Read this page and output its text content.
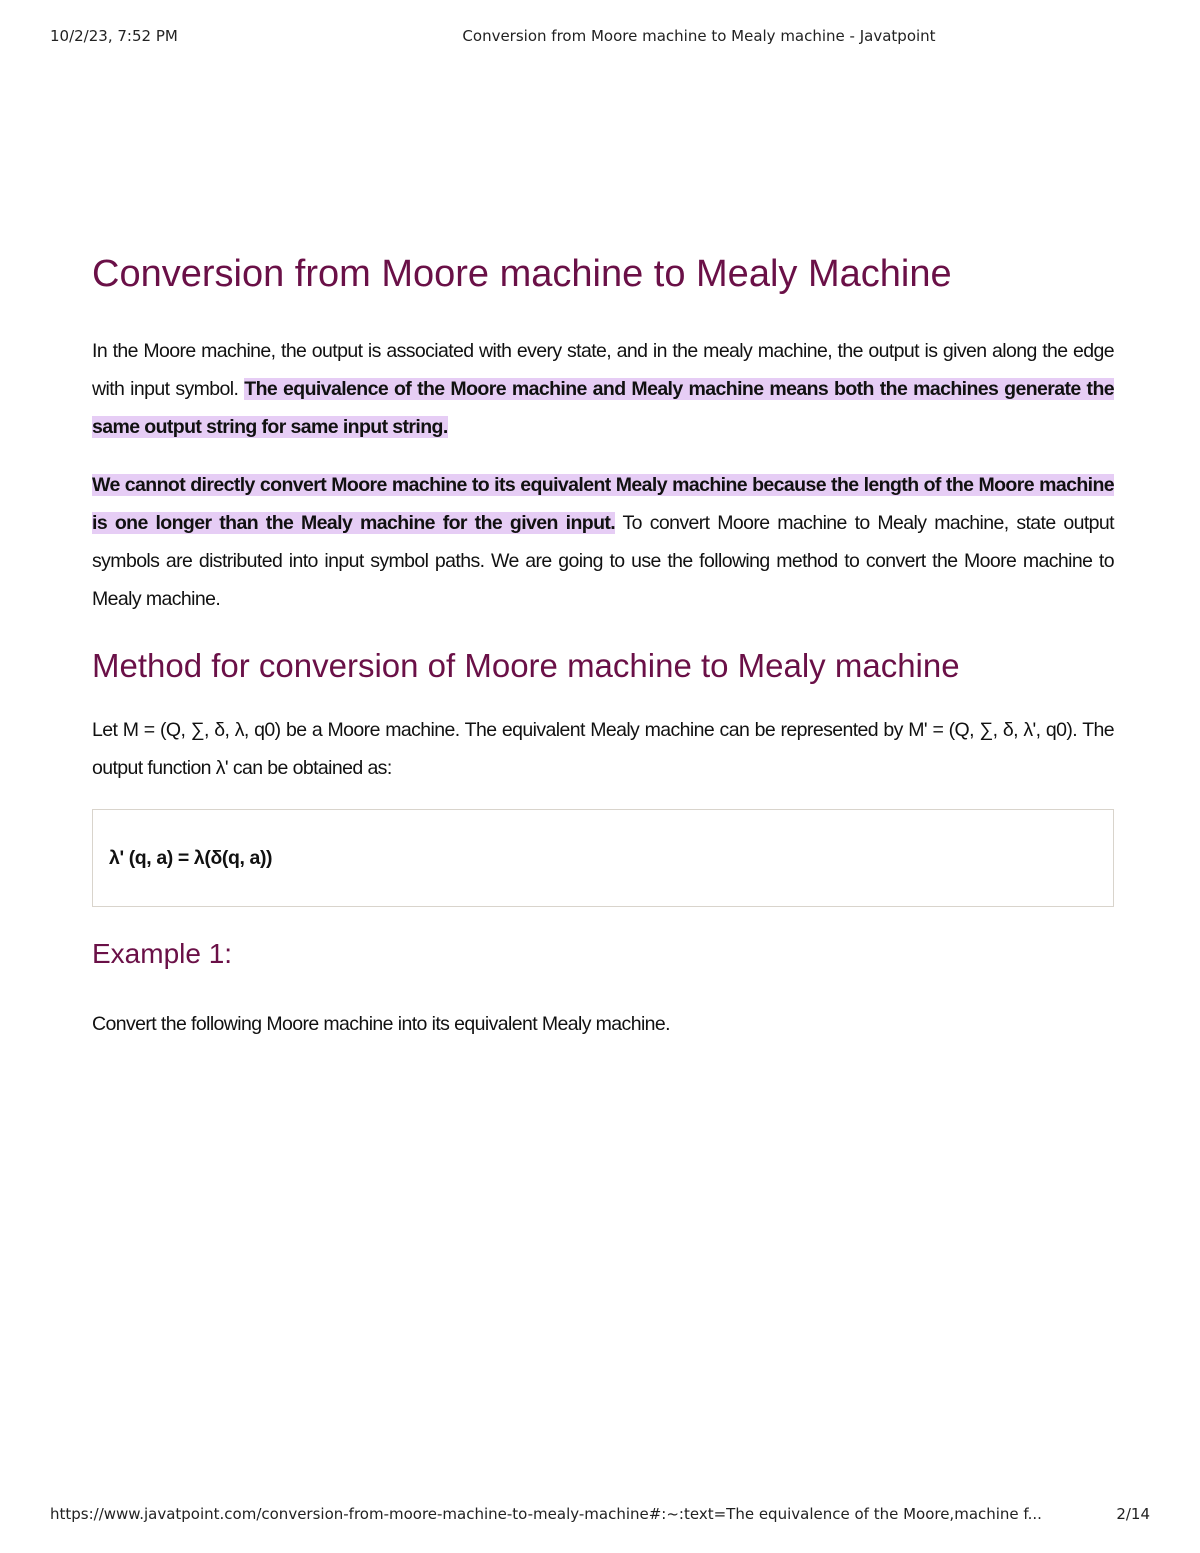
10/2/23, 7:52 PM	Conversion from Moore machine to Mealy machine - Javatpoint
Conversion from Moore machine to Mealy Machine

In the Moore machine, the output is associated with every state, and in the mealy machine, the output is given along the edge with input symbol. The equivalence of the Moore machine and Mealy machine means both the machines generate the same output string for same input string.

We cannot directly convert Moore machine to its equivalent Mealy machine because the length of the Moore machine is one longer than the Mealy machine for the given input. To convert Moore machine to Mealy machine, state output symbols are distributed into input symbol paths. We are going to use the following method to convert the Moore machine to Mealy machine.

Method for conversion of Moore machine to Mealy machine

Let M = (Q, ∑, δ, λ, q0) be a Moore machine. The equivalent Mealy machine can be represented by M' = (Q, ∑, δ, λ', q0). The output function λ' can be obtained as:

λ' (q, a) = λ(δ(q, a))
Example 1:

Convert the following Moore machine into its equivalent Mealy machine.

https://www.javatpoint.com/conversion-from-moore-machine-to-mealy-machine#:~:text=The equivalence of the Moore,machine f...	2/14
